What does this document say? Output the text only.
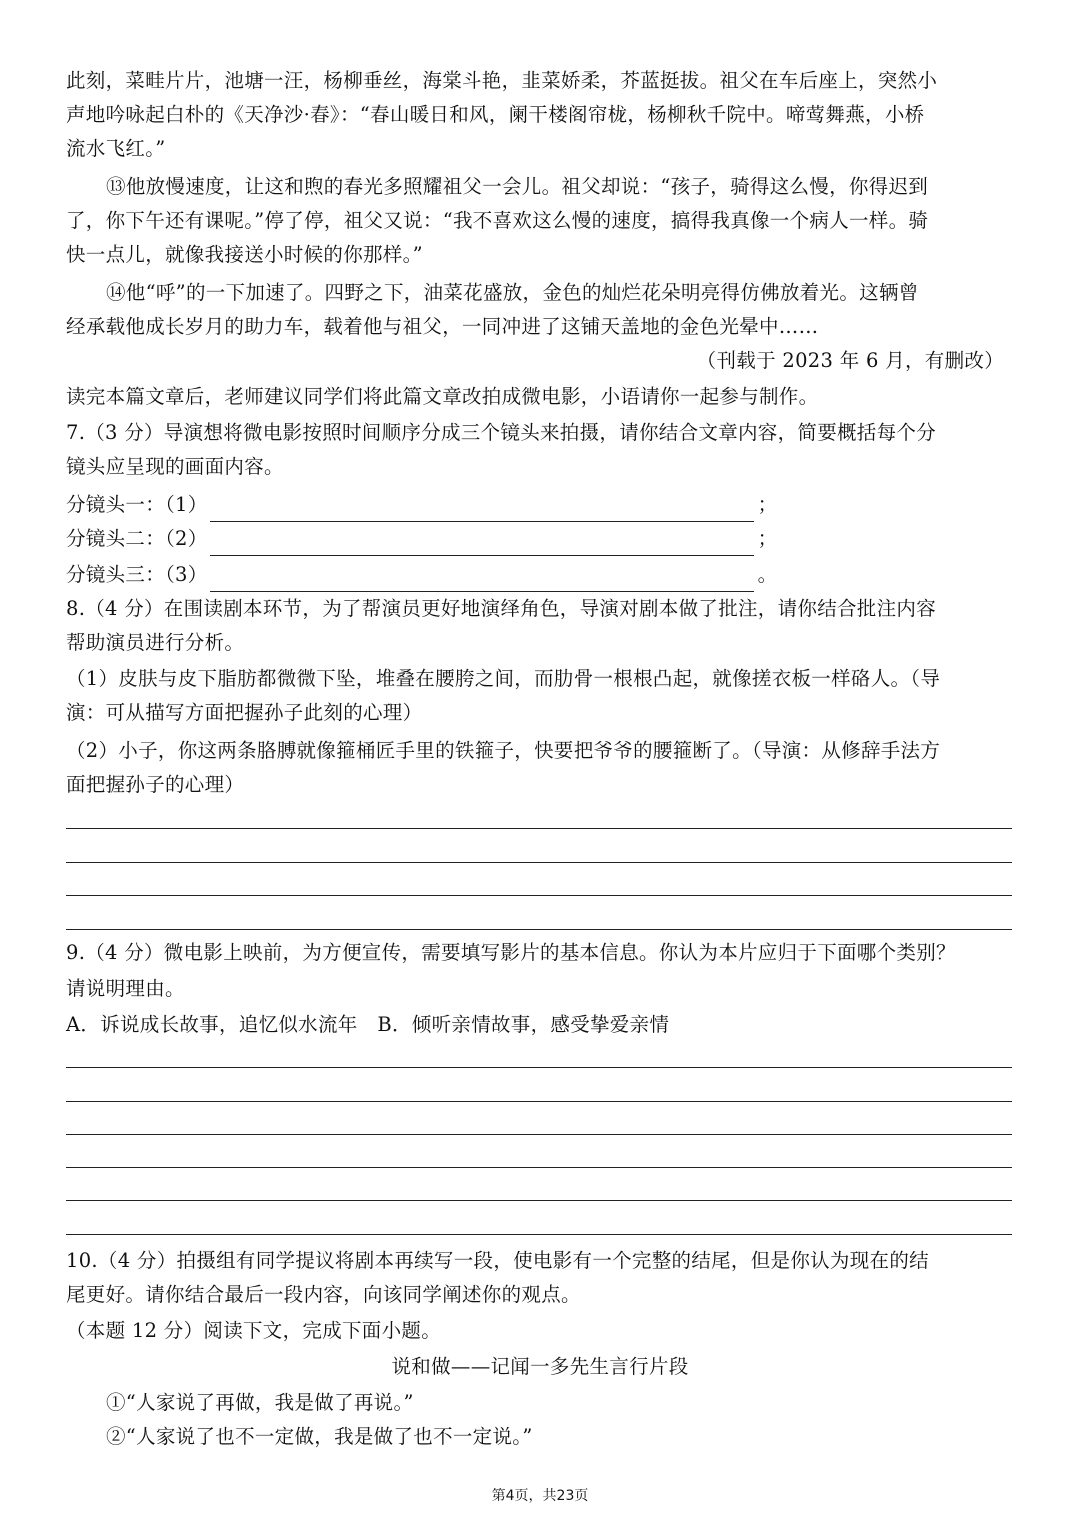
此刻，菜畦片片，池塘一汪，杨柳垂丝，海棠斗艳，韭菜娇柔，芥蓝挺拔。祖父在车后座上，突然小
声地吟咏起白朴的《天净沙·春》：“春山暖日和风，阑干楼阁帘栊，杨柳秋千院中。啼莺舞燕，小桥
流水飞红。”
⑬他放慢速度，让这和煦的春光多照耀祖父一会儿。祖父却说：“孩子，骑得这么慢，你得迟到
了，你下午还有课呢。”停了停，祖父又说：“我不喜欢这么慢的速度，搞得我真像一个病人一样。骑
快一点儿，就像我接送小时候的你那样。”
⑭他“呼”的一下加速了。四野之下，油菜花盛放，金色的灿烂花朵明亮得仿佛放着光。这辆曾
经承载他成长岁月的助力车，载着他与祖父，一同冲进了这铺天盖地的金色光晕中……
（刊载于 2023 年 6 月，有删改）
读完本篇文章后，老师建议同学们将此篇文章改拍成微电影，小语请你一起参与制作。
7.（3 分）导演想将微电影按照时间顺序分成三个镜头来拍摄，请你结合文章内容，简要概括每个分
镜头应呈现的画面内容。
分镜头一：（1）	；
分镜头二：（2）	；
分镜头三：（3）	。
8.（4 分）在围读剧本环节，为了帮演员更好地演绎角色，导演对剧本做了批注，请你结合批注内容
帮助演员进行分析。
（1）皮肤与皮下脂肪都微微下坠，堆叠在腰胯之间，而肋骨一根根凸起，就像搓衣板一样硌人。（导
演：可从描写方面把握孙子此刻的心理）
（2）小子，你这两条胳膊就像箍桶匠手里的铁箍子，快要把爷爷的腰箍断了。（导演：从修辞手法方
面把握孙子的心理）
9.（4 分）微电影上映前，为方便宣传，需要填写影片的基本信息。你认为本片应归于下面哪个类别？
请说明理由。
A．诉说成长故事，追忆似水流年　B．倾听亲情故事，感受挚爱亲情
10.（4 分）拍摄组有同学提议将剧本再续写一段，使电影有一个完整的结尾，但是你认为现在的结
尾更好。请你结合最后一段内容，向该同学阐述你的观点。
（本题 12 分）阅读下文，完成下面小题。
说和做——记闻一多先生言行片段
①“人家说了再做，我是做了再说。”
②“人家说了也不一定做，我是做了也不一定说。”
第4页，共23页
